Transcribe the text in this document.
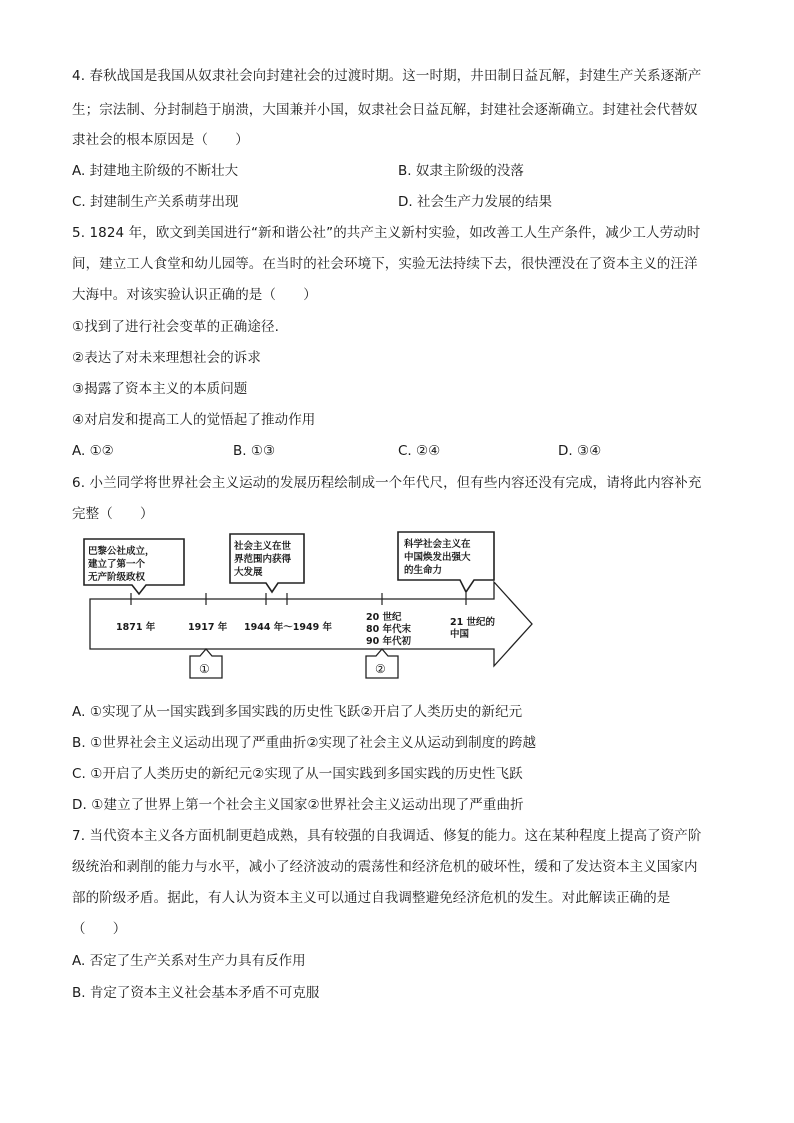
4. 春秋战国是我国从奴隶社会向封建社会的过渡时期。这一时期，井田制日益瓦解，封建生产关系逐渐产
生；宗法制、分封制趋于崩溃，大国兼并小国，奴隶社会日益瓦解，封建社会逐渐确立。封建社会代替奴
隶社会的根本原因是（　　）
A. 封建地主阶级的不断壮大	B. 奴隶主阶级的没落
C. 封建制生产关系萌芽出现	D. 社会生产力发展的结果
5. 1824 年，欧文到美国进行“新和谐公社”的共产主义新村实验，如改善工人生产条件，减少工人劳动时
间，建立工人食堂和幼儿园等。在当时的社会环境下，实验无法持续下去，很快湮没在了资本主义的汪洋
大海中。对该实验认识正确的是（　　）
①找到了进行社会变革的正确途径.
②表达了对未来理想社会的诉求
③揭露了资本主义的本质问题
④对启发和提高工人的觉悟起了推动作用
A. ①②	B. ①③	C. ②④	D. ③④
6. 小兰同学将世界社会主义运动的发展历程绘制成一个年代尺，但有些内容还没有完成，请将此内容补充
完整（　　）
巴黎公社成立，
建立了第一个
无产阶级政权
社会主义在世
界范围内获得
大发展
科学社会主义在
中国焕发出强大
的生命力
1871 年	1917 年 1944 年～1949 年
20 世纪
80 年代末
90 年代初
21 世纪的
中国
①	②
A. ①实现了从一国实践到多国实践的历史性飞跃②开启了人类历史的新纪元
B. ①世界社会主义运动出现了严重曲折②实现了社会主义从运动到制度的跨越
C. ①开启了人类历史的新纪元②实现了从一国实践到多国实践的历史性飞跃
D. ①建立了世界上第一个社会主义国家②世界社会主义运动出现了严重曲折
7. 当代资本主义各方面机制更趋成熟，具有较强的自我调适、修复的能力。这在某种程度上提高了资产阶
级统治和剥削的能力与水平，减小了经济波动的震荡性和经济危机的破坏性，缓和了发达资本主义国家内
部的阶级矛盾。据此，有人认为资本主义可以通过自我调整避免经济危机的发生。对此解读正确的是
（　　）
A. 否定了生产关系对生产力具有反作用
B. 肯定了资本主义社会基本矛盾不可克服
